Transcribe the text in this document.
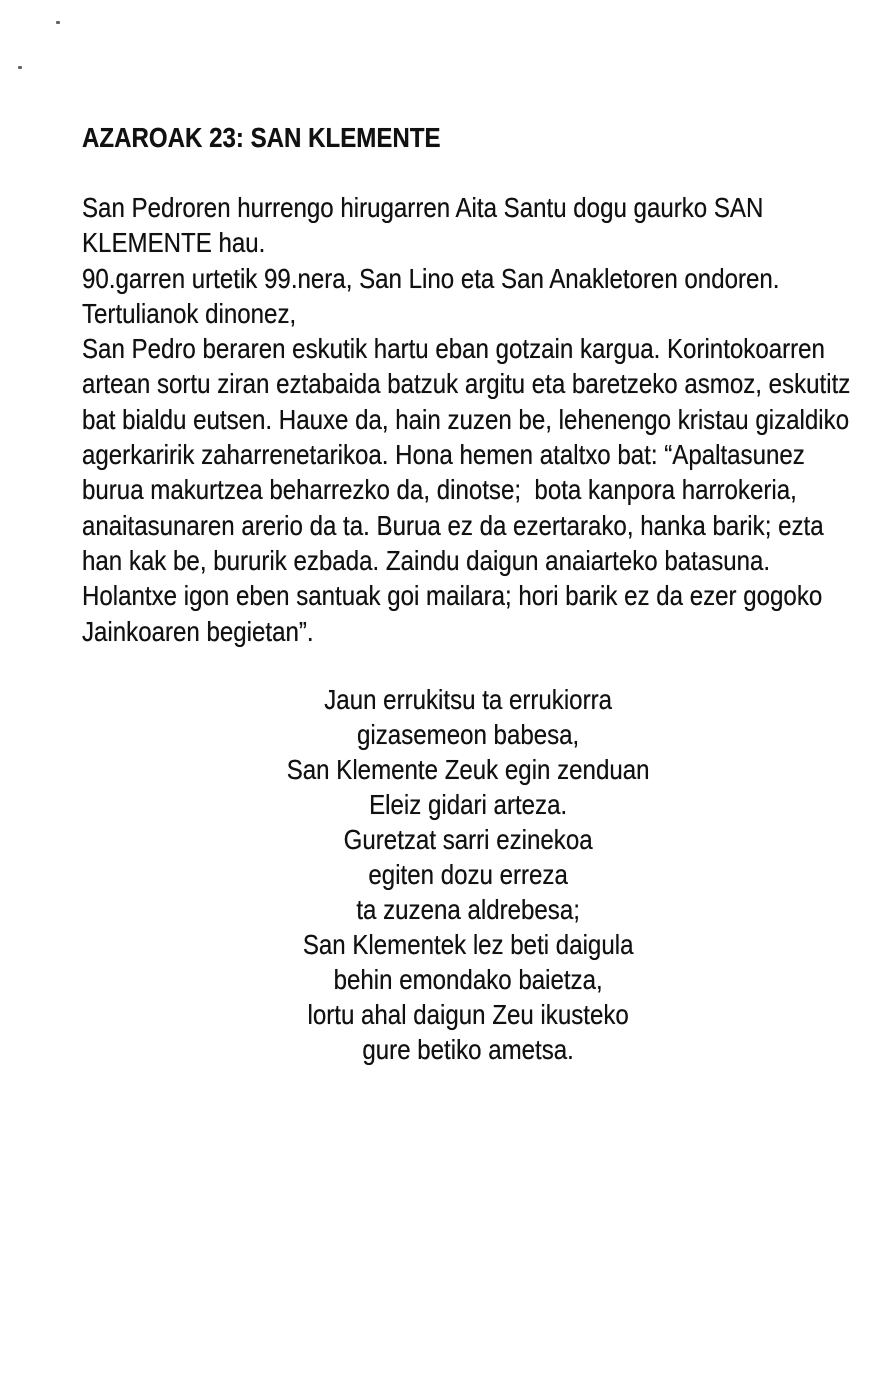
AZAROAK 23: SAN KLEMENTE
San Pedroren hurrengo hirugarren Aita Santu dogu gaurko SAN
KLEMENTE hau.
90.garren urtetik 99.nera, San Lino eta San Anakletoren ondoren.
Tertulianok dinonez,
San Pedro beraren eskutik hartu eban gotzain kargua. Korintokoarren
artean sortu ziran eztabaida batzuk argitu eta baretzeko asmoz, eskutitz
bat bialdu eutsen. Hauxe da, hain zuzen be, lehenengo kristau gizaldiko
agerkaririk zaharrenetarikoa. Hona hemen ataltxo bat: “Apaltasunez
burua makurtzea beharrezko da, dinotse;  bota kanpora harrokeria,
anaitasunaren arerio da ta. Burua ez da ezertarako, hanka barik; ezta
han kak be, bururik ezbada. Zaindu daigun anaiarteko batasuna.
Holantxe igon eben santuak goi mailara; hori barik ez da ezer gogoko
Jainkoaren begietan”.
Jaun errukitsu ta errukiorra
gizasemeon babesa,
San Klemente Zeuk egin zenduan
Eleiz gidari arteza.
Guretzat sarri ezinekoa
egiten dozu erreza
ta zuzena aldrebesa;
San Klementek lez beti daigula
behin emondako baietza,
lortu ahal daigun Zeu ikusteko
gure betiko ametsa.
